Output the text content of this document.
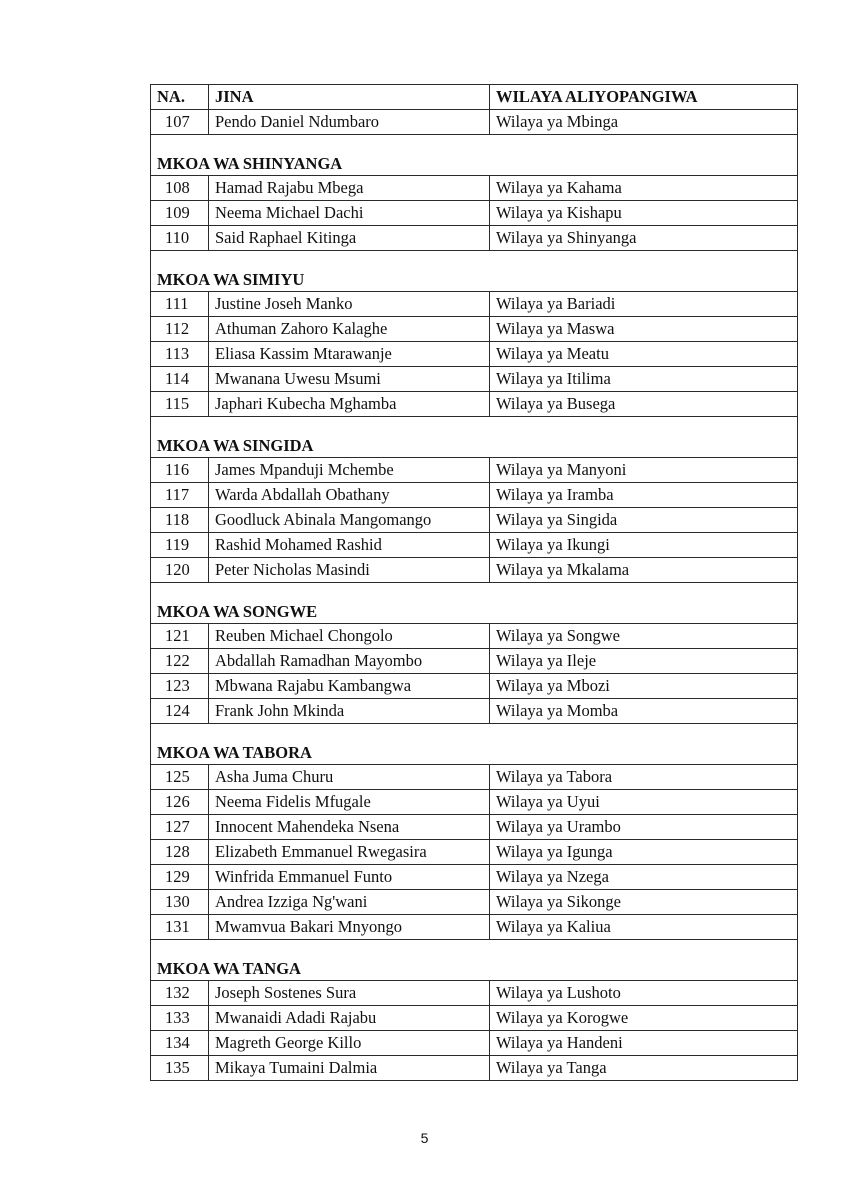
NA.	JINA	WILAYA ALIYOPANGIWA
107	Pendo Daniel Ndumbaro	Wilaya ya Mbinga
MKOA WA SHINYANGA		
108	Hamad Rajabu Mbega	Wilaya ya Kahama
109	Neema Michael Dachi	Wilaya ya Kishapu
110	Said Raphael Kitinga	Wilaya ya Shinyanga
MKOA WA SIMIYU		
111	Justine Joseh Manko	Wilaya ya Bariadi
112	Athuman Zahoro Kalaghe	Wilaya ya Maswa
113	Eliasa Kassim Mtarawanje	Wilaya ya Meatu
114	Mwanana Uwesu Msumi	Wilaya ya Itilima
115	Japhari Kubecha Mghamba	Wilaya ya Busega
MKOA WA SINGIDA		
116	James Mpanduji Mchembe	Wilaya ya Manyoni
117	Warda Abdallah Obathany	Wilaya ya Iramba
118	Goodluck Abinala Mangomango	Wilaya ya Singida
119	Rashid Mohamed Rashid	Wilaya ya Ikungi
120	Peter Nicholas Masindi	Wilaya ya Mkalama
MKOA WA SONGWE		
121	Reuben Michael Chongolo	Wilaya ya Songwe
122	Abdallah Ramadhan Mayombo	Wilaya ya Ileje
123	Mbwana Rajabu Kambangwa	Wilaya ya Mbozi
124	Frank John Mkinda	Wilaya ya Momba
MKOA WA TABORA		
125	Asha Juma Churu	Wilaya ya Tabora
126	Neema Fidelis Mfugale	Wilaya ya Uyui
127	Innocent Mahendeka Nsena	Wilaya ya Urambo
128	Elizabeth Emmanuel Rwegasira	Wilaya ya Igunga
129	Winfrida Emmanuel Funto	Wilaya ya Nzega
130	Andrea Izziga Ng'wani	Wilaya ya Sikonge
131	Mwamvua Bakari Mnyongo	Wilaya ya Kaliua
MKOA WA TANGA		
132	Joseph Sostenes Sura	Wilaya ya Lushoto
133	Mwanaidi Adadi Rajabu	Wilaya ya Korogwe
134	Magreth George Killo	Wilaya ya Handeni
135	Mikaya Tumaini Dalmia	Wilaya ya Tanga
5
